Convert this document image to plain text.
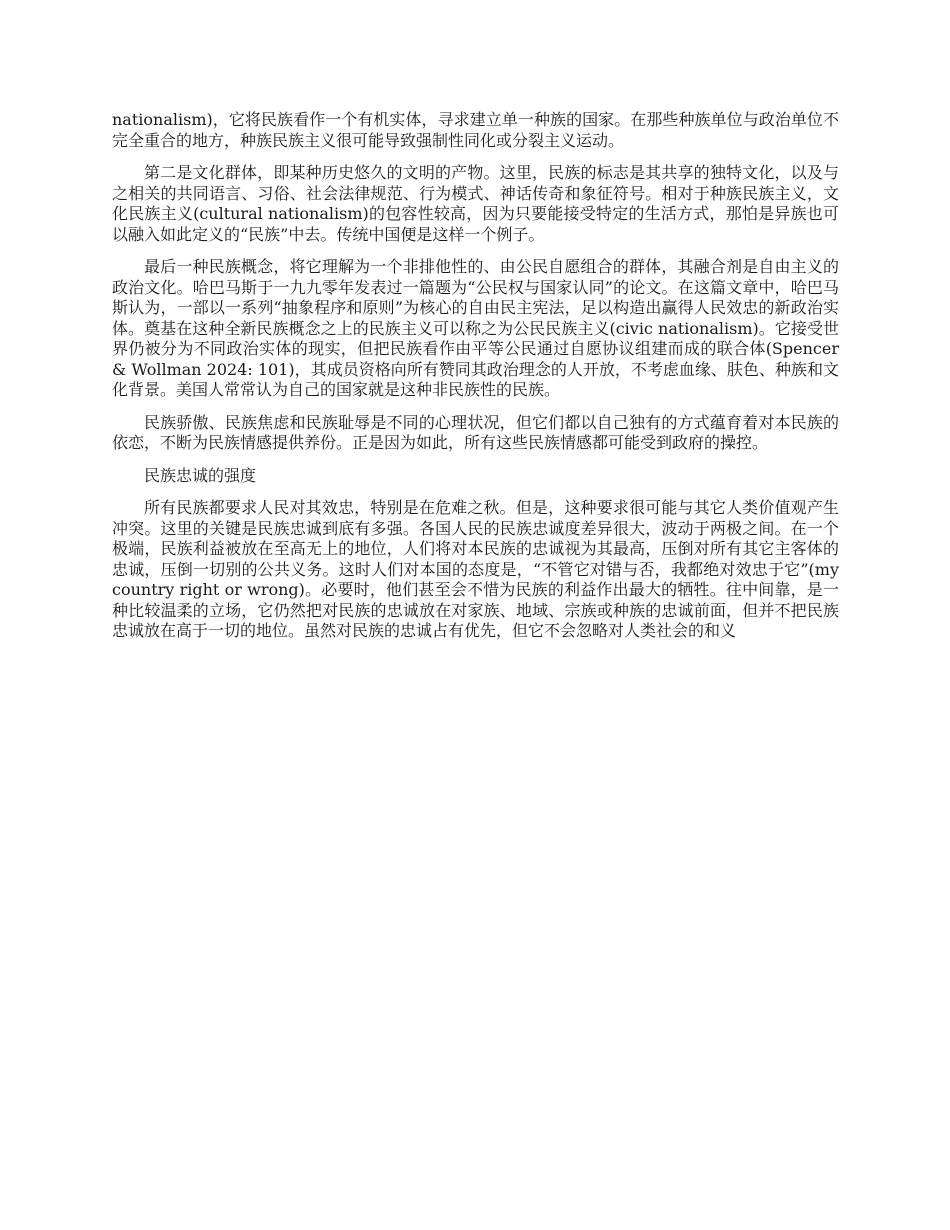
nationalism)，它将民族看作一个有机实体，寻求建立单一种族的国家。在那些种族单位与政治单位不完全重合的地方，种族民族主义很可能导致强制性同化或分裂主义运动。

第二是文化群体，即某种历史悠久的文明的产物。这里，民族的标志是其共享的独特文化，以及与之相关的共同语言、习俗、社会法律规范、行为模式、神话传奇和象征符号。相对于种族民族主义，文化民族主义(cultural nationalism)的包容性较高，因为只要能接受特定的生活方式，那怕是异族也可以融入如此定义的“民族”中去。传统中国便是这样一个例子。

最后一种民族概念，将它理解为一个非排他性的、由公民自愿组合的群体，其融合剂是自由主义的政治文化。哈巴马斯于一九九零年发表过一篇题为“公民权与国家认同”的论文。在这篇文章中，哈巴马斯认为，一部以一系列“抽象程序和原则”为核心的自由民主宪法，足以构造出赢得人民效忠的新政治实体。奠基在这种全新民族概念之上的民族主义可以称之为公民民族主义(civic nationalism)。它接受世界仍被分为不同政治实体的现实，但把民族看作由平等公民通过自愿协议组建而成的联合体(Spencer & Wollman 2024: 101)，其成员资格向所有赞同其政治理念的人开放，不考虑血缘、肤色、种族和文化背景。美国人常常认为自己的国家就是这种非民族性的民族。

民族骄傲、民族焦虑和民族耻辱是不同的心理状况，但它们都以自己独有的方式蕴育着对本民族的依恋，不断为民族情感提供养份。正是因为如此，所有这些民族情感都可能受到政府的操控。

民族忠诚的强度

所有民族都要求人民对其效忠，特别是在危难之秋。但是，这种要求很可能与其它人类价值观产生冲突。这里的关键是民族忠诚到底有多强。各国人民的民族忠诚度差异很大，波动于两极之间。在一个极端，民族利益被放在至高无上的地位，人们将对本民族的忠诚视为其最高，压倒对所有其它主客体的忠诚，压倒一切别的公共义务。这时人们对本国的态度是，“不管它对错与否，我都绝对效忠于它”(my country right or wrong)。必要时，他们甚至会不惜为民族的利益作出最大的牺牲。往中间靠，是一种比较温柔的立场，它仍然把对民族的忠诚放在对家族、地域、宗族或种族的忠诚前面，但并不把民族忠诚放在高于一切的地位。虽然对民族的忠诚占有优先，但它不会忽略对人类社会的和义
